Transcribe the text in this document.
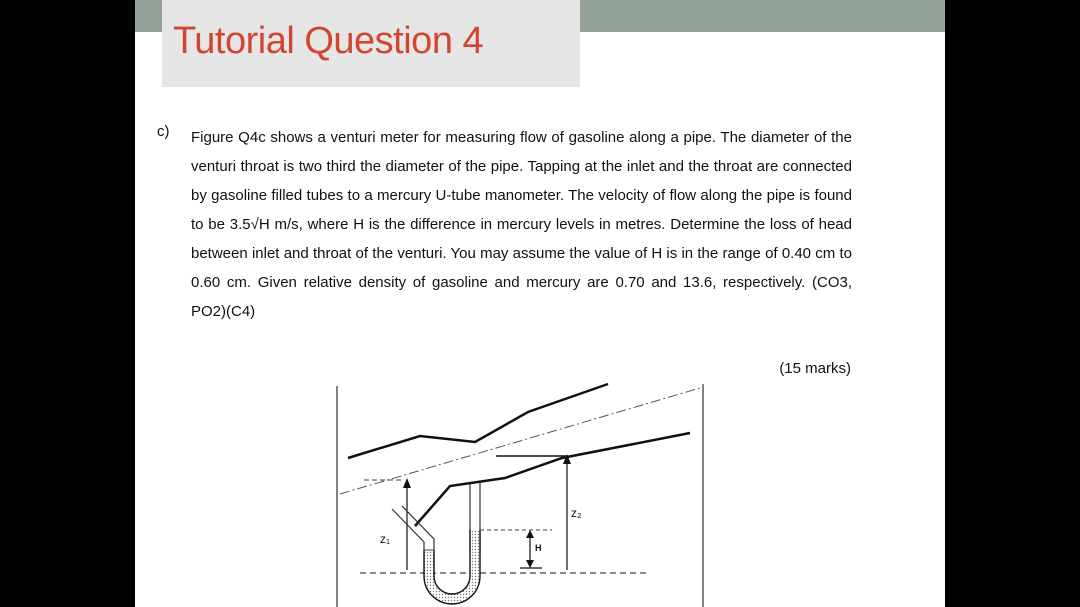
Tutorial Question 4
c) Figure Q4c shows a venturi meter for measuring flow of gasoline along a pipe. The diameter of the venturi throat is two third the diameter of the pipe. Tapping at the inlet and the throat are connected by gasoline filled tubes to a mercury U-tube manometer. The velocity of flow along the pipe is found to be 3.5√H m/s, where H is the difference in mercury levels in metres. Determine the loss of head between inlet and throat of the venturi. You may assume the value of H is in the range of 0.40 cm to 0.60 cm. Given relative density of gasoline and mercury are 0.70 and 13.6, respectively. (CO3, PO2)(C4)

(15 marks)
z₁
z₂
H
